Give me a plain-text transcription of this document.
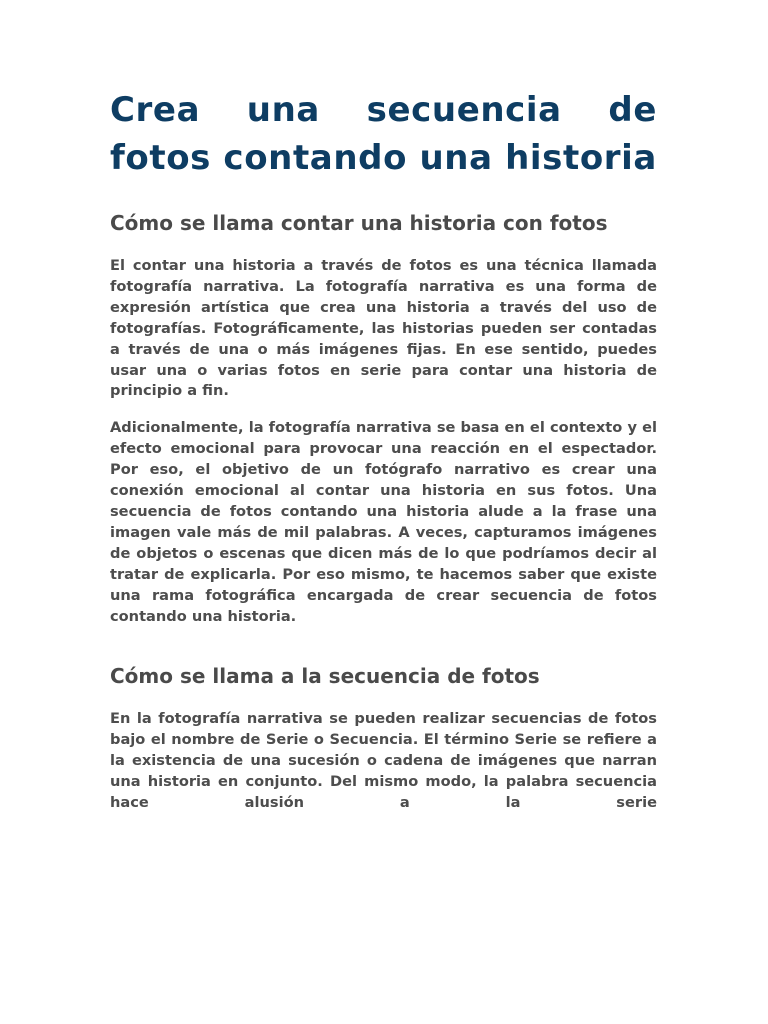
Crea una secuencia de fotos contando una historia
Cómo se llama contar una historia con fotos

El contar una historia a través de fotos es una técnica llamada fotografía narrativa. La fotografía narrativa es una forma de expresión artística que crea una historia a través del uso de fotografías. Fotográficamente, las historias pueden ser contadas a través de una o más imágenes fijas. En ese sentido, puedes usar una o varias fotos en serie para contar una historia de principio a fin.

Adicionalmente, la fotografía narrativa se basa en el contexto y el efecto emocional para provocar una reacción en el espectador. Por eso, el objetivo de un fotógrafo narrativo es crear una conexión emocional al contar una historia en sus fotos. Una secuencia de fotos contando una historia alude a la frase una imagen vale más de mil palabras. A veces, capturamos imágenes de objetos o escenas que dicen más de lo que podríamos decir al tratar de explicarla. Por eso mismo, te hacemos saber que existe una rama fotográfica encargada de crear secuencia de fotos contando una historia.

Cómo se llama a la secuencia de fotos

En la fotografía narrativa se pueden realizar secuencias de fotos bajo el nombre de Serie o Secuencia. El término Serie se refiere a la existencia de una sucesión o cadena de imágenes que narran una historia en conjunto. Del mismo modo, la palabra secuencia hace alusión a la serie
